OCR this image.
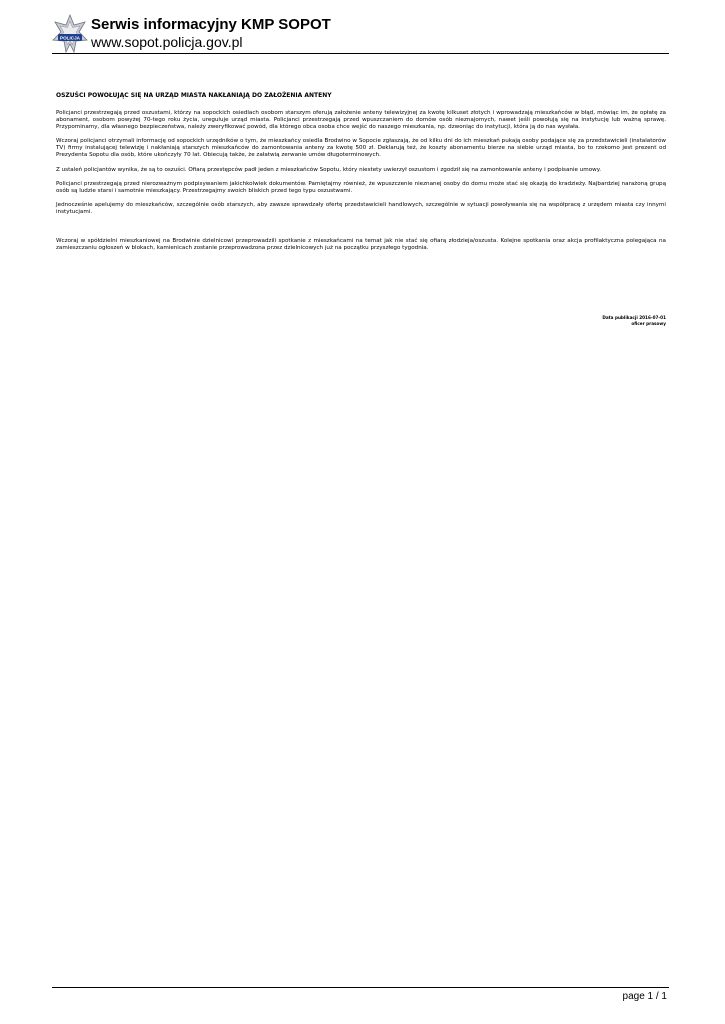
POLICJA
Serwis informacyjny KMP SOPOT
www.sopot.policja.gov.pl
OSZUŚCI POWOŁUJĄC SIĘ NA URZĄD MIASTA NAKŁANIAJĄ DO ZAŁOŻENIA ANTENY

Policjanci przestrzegają przed oszustami, którzy na sopockich osiedlach osobom starszym oferują założenie anteny telewizyjnej za kwotę kilkuset złotych i wprowadzają mieszkańców w błąd, mówiąc im, że opłatę za abonament, osobom powyżej 70-tego roku życia, ureguluje urząd miasta. Policjanci przestrzegają przed wpuszczaniem do domów osób nieznajomych, nawet jeśli powołują się na instytucję lub ważną sprawę. Przypominamy, dla własnego bezpieczeństwa, należy zweryfikować powód, dla którego obca osoba chce wejść do naszego mieszkania, np. dzwoniąc do instytucji, która ją do nas wysłała.

Wczoraj policjanci otrzymali informację od sopockich urzędników o tym, że mieszkańcy osiedla Brodwino w Sopocie zgłaszają, że od kilku dni do ich mieszkań pukają osoby podające się za przedstawicieli (instalatorów TV) firmy instalującej telewizję i nakłaniają starszych mieszkańców do zamontowania anteny za kwotę 500 zł. Deklarują też, że koszty abonamentu bierze na siebie urząd miasta, bo to rzekomo jest prezent od Prezydenta Sopotu dla osób, które ukończyły 70 lat. Obiecują także, że załatwią zerwanie umów długoterminowych.

Z ustaleń policjantów wynika, że są to oszuści. Ofiarą przestępców padł jeden z mieszkańców Sopotu, który niestety uwierzył oszustom i zgodził się na zamontowanie anteny i podpisanie umowy.

Policjanci przestrzegają przed nierozważnym podpisywaniem jakichkolwiek dokumentów. Pamiętajmy również, że wpuszczenie nieznanej osoby do domu może stać się okazją do kradzieży. Najbardziej narażoną grupą osób są ludzie starsi i samotnie mieszkający. Przestrzegajmy swoich bliskich przed tego typu oszustwami.

Jednocześnie apelujemy do mieszkańców, szczególnie osób starszych, aby zawsze sprawdzały ofertę przedstawicieli handlowych, szczególnie w sytuacji powoływania się na współpracę z urzędem miasta czy innymi instytucjami.

Wczoraj w spółdzielni mieszkaniowej na Brodwinie dzielnicowi przeprowadzili spotkanie z mieszkańcami na temat jak nie stać się ofiarą złodzieja/oszusta. Kolejne spotkania oraz akcja profilaktyczna polegająca na zamieszczaniu ogłoszeń w blokach, kamienicach zostanie przeprowadzona przez dzielnicowych już na początku przyszłego tygodnia.

Data publikacji 2016-07-01
oficer prasowy
page 1 / 1
